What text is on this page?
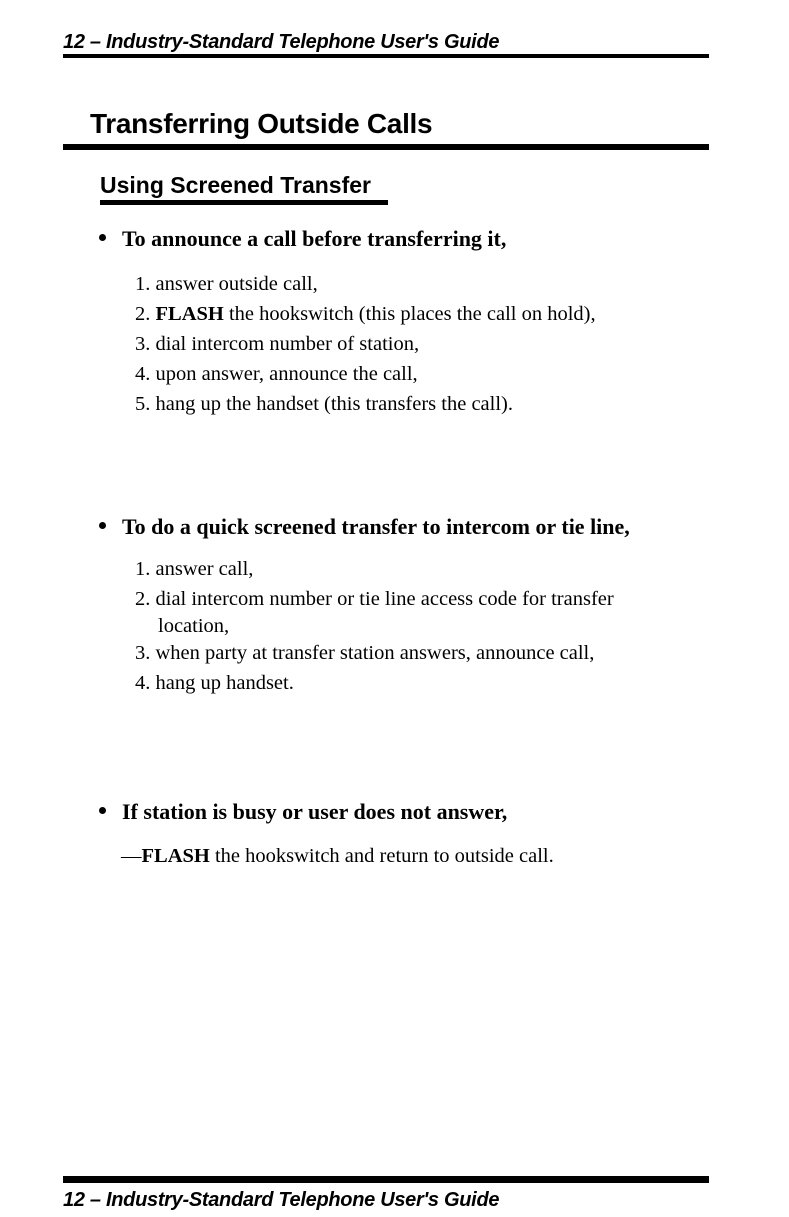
12 – Industry-Standard Telephone User's Guide
Transferring Outside Calls
Using Screened Transfer
To announce a call before transferring it,
1. answer outside call,
2. FLASH the hookswitch (this places the call on hold),
3. dial intercom number of station,
4. upon answer, announce the call,
5. hang up the handset (this transfers the call).
To do a quick screened transfer to intercom or tie line,
1. answer call,
2. dial intercom number or tie line access code for transfer
location,
3. when party at transfer station answers, announce call,
4. hang up handset.
If station is busy or user does not answer,
—FLASH the hookswitch and return to outside call.
12 – Industry-Standard Telephone User's Guide
